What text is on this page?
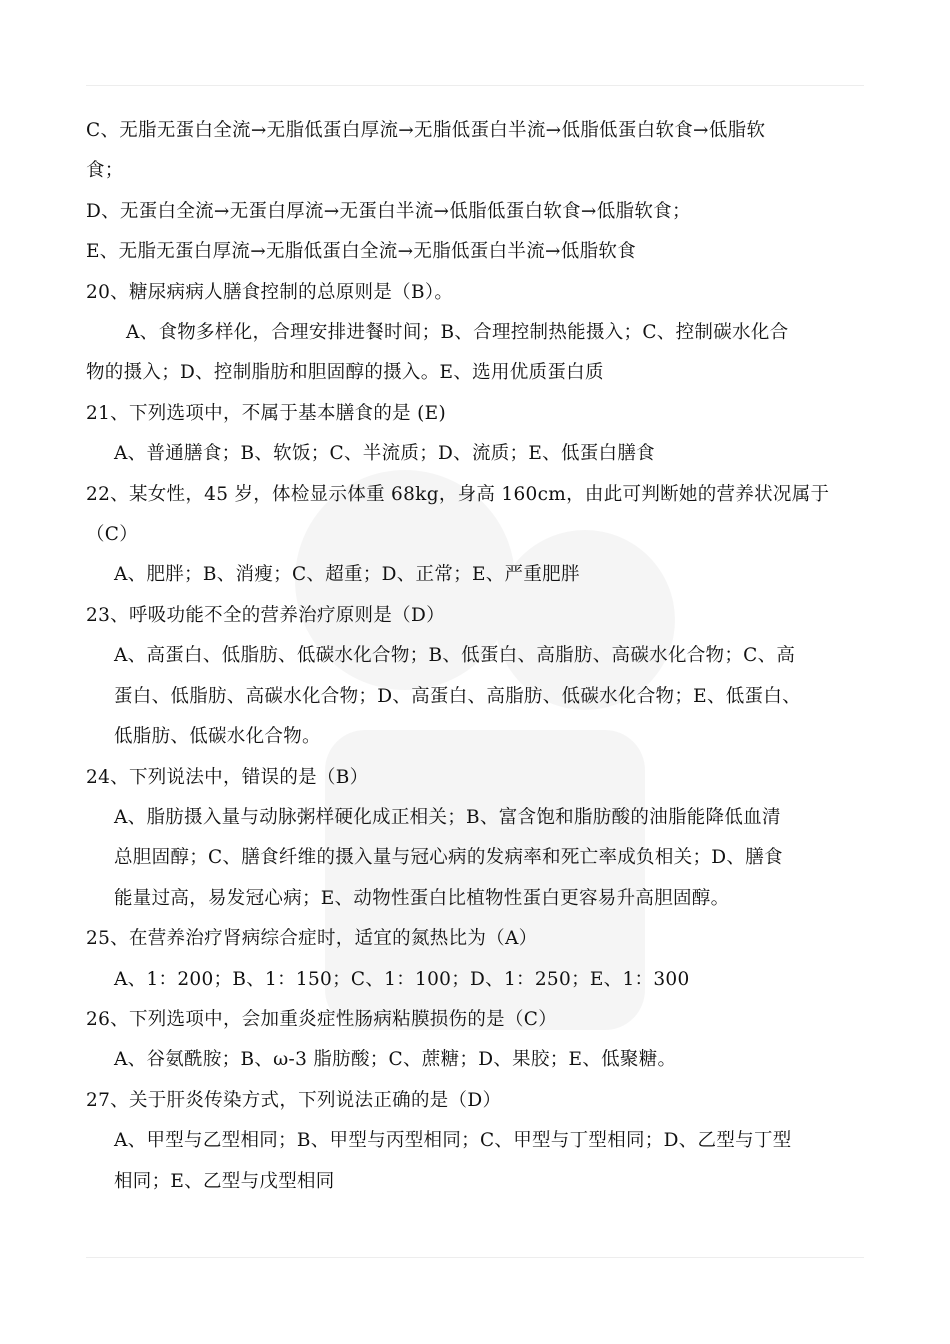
C、无脂无蛋白全流→无脂低蛋白厚流→无脂低蛋白半流→低脂低蛋白软食→低脂软

食；

D、无蛋白全流→无蛋白厚流→无蛋白半流→低脂低蛋白软食→低脂软食；

E、无脂无蛋白厚流→无脂低蛋白全流→无脂低蛋白半流→低脂软食

20、糖尿病病人膳食控制的总原则是（B）。

A、食物多样化，合理安排进餐时间；B、合理控制热能摄入；C、控制碳水化合

物的摄入；D、控制脂肪和胆固醇的摄入。E、选用优质蛋白质

21、下列选项中，不属于基本膳食的是 (E)

A、普通膳食；B、软饭；C、半流质；D、流质；E、低蛋白膳食

22、某女性，45 岁，体检显示体重 68kg，身高 160cm，由此可判断她的营养状况属于

（C）

A、肥胖；B、消瘦；C、超重；D、正常；E、严重肥胖

23、呼吸功能不全的营养治疗原则是（D）

A、高蛋白、低脂肪、低碳水化合物；B、低蛋白、高脂肪、高碳水化合物；C、高

蛋白、低脂肪、高碳水化合物；D、高蛋白、高脂肪、低碳水化合物；E、低蛋白、

低脂肪、低碳水化合物。

24、下列说法中，错误的是（B）

A、脂肪摄入量与动脉粥样硬化成正相关；B、富含饱和脂肪酸的油脂能降低血清

总胆固醇；C、膳食纤维的摄入量与冠心病的发病率和死亡率成负相关；D、膳食

能量过高，易发冠心病；E、动物性蛋白比植物性蛋白更容易升高胆固醇。

25、在营养治疗肾病综合症时，适宜的氮热比为（A）

A、1：200；B、1：150；C、1：100；D、1：250；E、1：300

26、下列选项中，会加重炎症性肠病粘膜损伤的是（C）

A、谷氨酰胺；B、ω-3 脂肪酸；C、蔗糖；D、果胶；E、低聚糖。

27、关于肝炎传染方式，下列说法正确的是（D）

A、甲型与乙型相同；B、甲型与丙型相同；C、甲型与丁型相同；D、乙型与丁型

相同；E、乙型与戊型相同
